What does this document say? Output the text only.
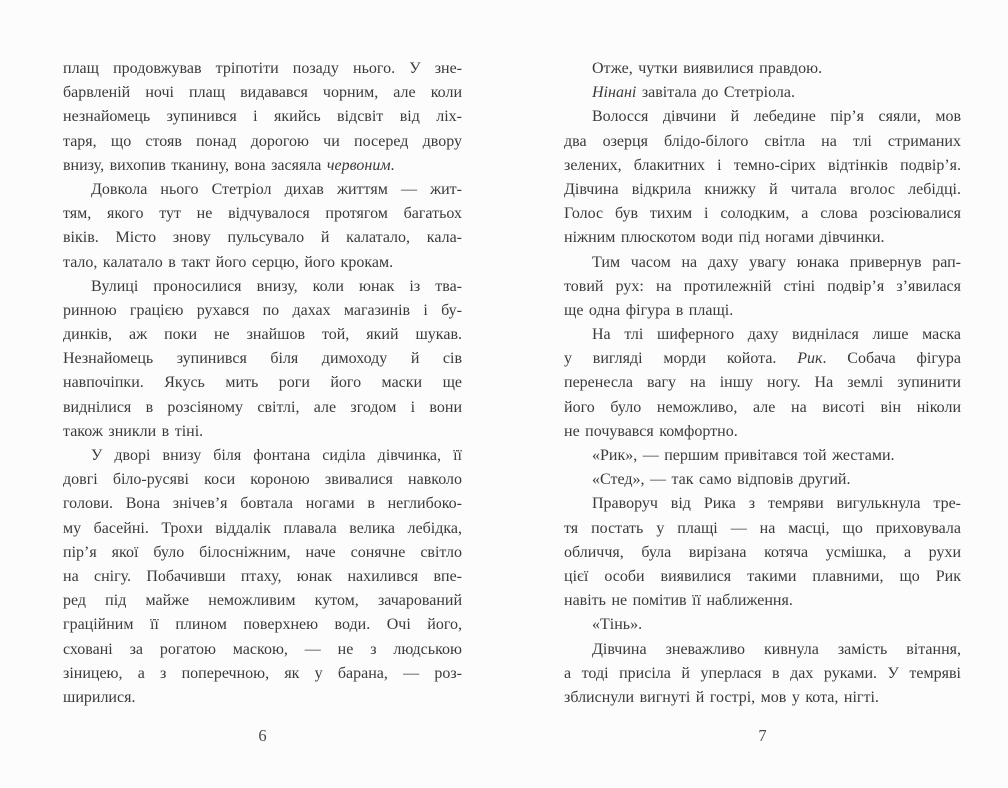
плащ продовжував тріпотіти позаду нього. У зне-
барвленій ночі плащ видавався чорним, але коли
незнайомець зупинився і якийсь відсвіт від ліх-
таря, що стояв понад дорогою чи посеред двору
внизу, вихопив тканину, вона засяяла червоним.
Довкола нього Стетріол дихав життям — жит-
тям, якого тут не відчувалося протягом багатьох
віків. Місто знову пульсувало й калатало, кала-
тало, калатало в такт його серцю, його крокам.
Вулиці проносилися внизу, коли юнак із тва-
ринною грацією рухався по дахах магазинів і бу-
динків, аж поки не знайшов той, який шукав.
Незнайомець зупинився біля димоходу й сів
навпочіпки. Якусь мить роги його маски ще
виднілися в розсіяному світлі, але згодом і вони
також зникли в тіні.
У дворі внизу біля фонтана сиділа дівчинка, її
довгі біло-русяві коси короною звивалися навколо
голови. Вона знічев’я бовтала ногами в неглибоко-
му басейні. Трохи віддалік плавала велика лебідка,
пір’я якої було білосніжним, наче сонячне світло
на снігу. Побачивши птаху, юнак нахилився впе-
ред під майже неможливим кутом, зачарований
граційним її плином поверхнею води. Очі його,
сховані за рогатою маскою, — не з людською
зіницею, а з поперечною, як у барана, — роз-
ширилися.
Отже, чутки виявилися правдою.
Нінані завітала до Стетріола.
Волосся дівчини й лебедине пір’я сяяли, мов
два озерця блідо-білого світла на тлі стриманих
зелених, блакитних і темно-сірих відтінків подвір’я.
Дівчина відкрила книжку й читала вголос лебідці.
Голос був тихим і солодким, а слова розсіювалися
ніжним плюскотом води під ногами дівчинки.
Тим часом на даху увагу юнака привернув рап-
товий рух: на протилежній стіні подвір’я з’явилася
ще одна фігура в плащі.
На тлі шиферного даху виднілася лише маска
у вигляді морди койота. Рик. Собача фігура
перенесла вагу на іншу ногу. На землі зупинити
його було неможливо, але на висоті він ніколи
не почувався комфортно.
«Рик», — першим привітався той жестами.
«Стед», — так само відповів другий.
Праворуч від Рика з темряви вигулькнула тре-
тя постать у плащі — на масці, що приховувала
обличчя, була вирізана котяча усмішка, а рухи
цієї особи виявилися такими плавними, що Рик
навіть не помітив її наближення.
«Тінь».
Дівчина зневажливо кивнула замість вітання,
а тоді присіла й уперлася в дах руками. У темряві
зблиснули вигнуті й гострі, мов у кота, нігті.
6	7
